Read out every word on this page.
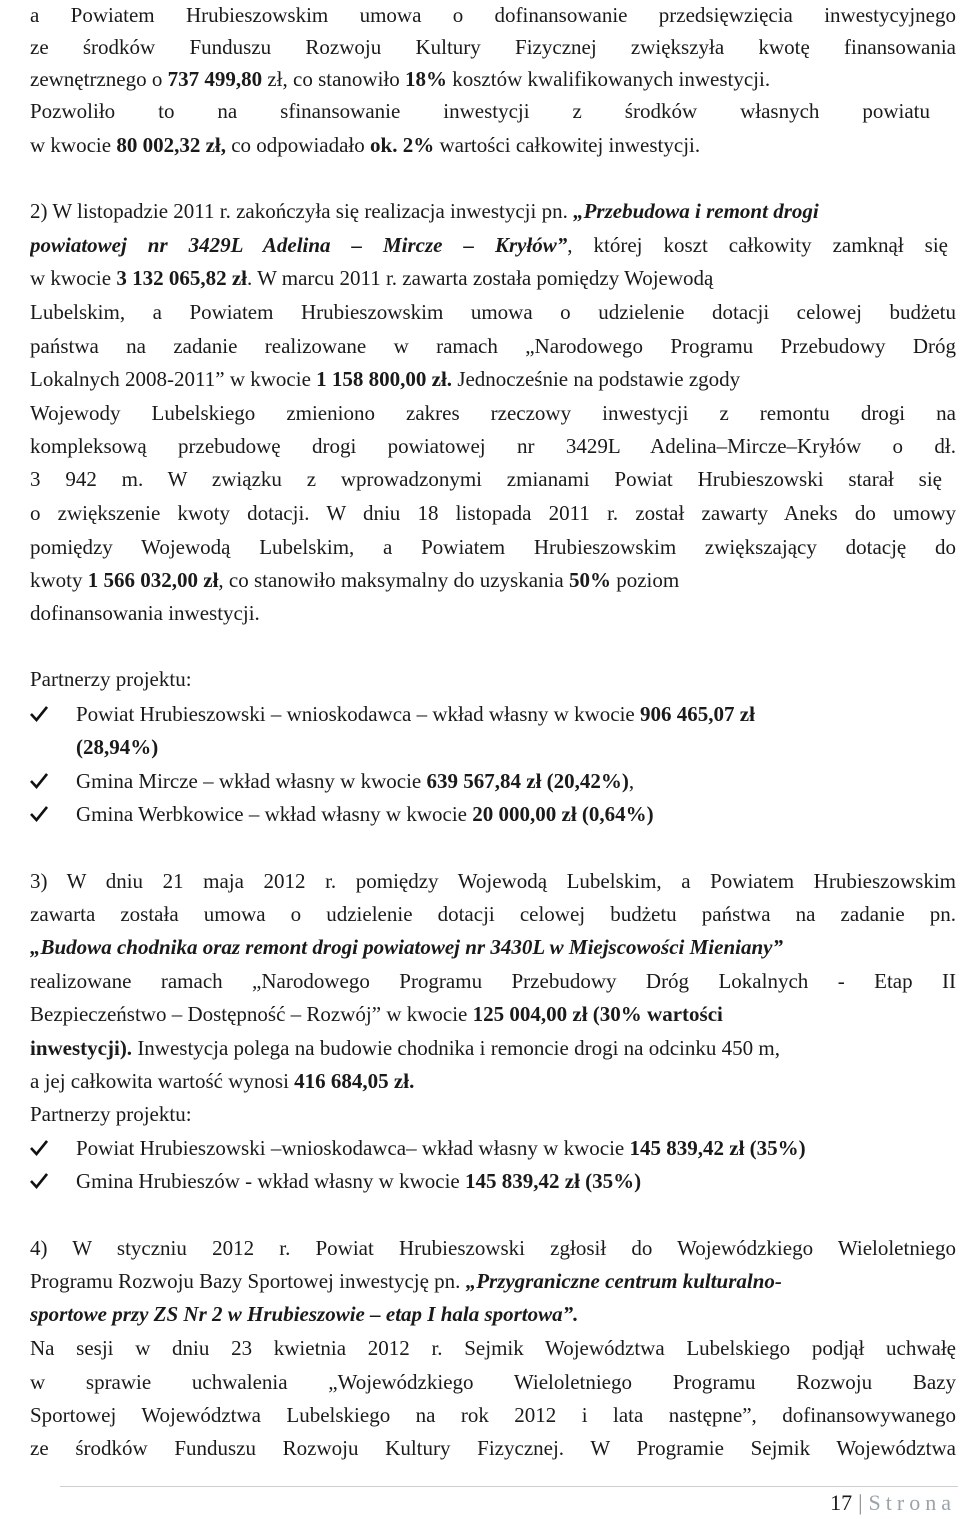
a Powiatem Hrubieszowskim umowa o dofinansowanie przedsięwzięcia inwestycyjnego
ze środków Funduszu Rozwoju Kultury Fizycznej zwiększyła kwotę finansowania
zewnętrznego o 737 499,80 zł, co stanowiło 18% kosztów kwalifikowanych inwestycji.
Pozwoliło to na sfinansowanie inwestycji z środków własnych powiatu
w kwocie 80 002,32 zł, co odpowiadało ok. 2% wartości całkowitej inwestycji.
2) W listopadzie 2011 r. zakończyła się realizacja inwestycji pn. „Przebudowa i remont drogi
powiatowej nr 3429L Adelina – Mircze – Kryłów”, której koszt całkowity zamknął się
w kwocie 3 132 065,82 zł. W marcu 2011 r. zawarta została pomiędzy Wojewodą
Lubelskim, a Powiatem Hrubieszowskim umowa o udzielenie dotacji celowej budżetu
państwa na zadanie realizowane w ramach „Narodowego Programu Przebudowy Dróg
Lokalnych 2008-2011” w kwocie 1 158 800,00 zł. Jednocześnie na podstawie zgody
Wojewody Lubelskiego zmieniono zakres rzeczowy inwestycji z remontu drogi na
kompleksową przebudowę drogi powiatowej nr 3429L Adelina–Mircze–Kryłów o dł.
3 942 m. W związku z wprowadzonymi zmianami Powiat Hrubieszowski starał się
o zwiększenie kwoty dotacji. W dniu 18 listopada 2011 r. został zawarty Aneks do umowy
pomiędzy Wojewodą Lubelskim, a Powiatem Hrubieszowskim zwiększający dotację do
kwoty 1 566 032,00 zł, co stanowiło maksymalny do uzyskania 50% poziom
dofinansowania inwestycji.
Partnerzy projektu:
Powiat Hrubieszowski – wnioskodawca – wkład własny w kwocie 906 465,07 zł
(28,94%)
Gmina Mircze – wkład własny w kwocie 639 567,84 zł (20,42%),
Gmina Werbkowice – wkład własny w kwocie 20 000,00 zł (0,64%)
3) W dniu 21 maja 2012 r. pomiędzy Wojewodą Lubelskim, a Powiatem Hrubieszowskim
zawarta została umowa o udzielenie dotacji celowej budżetu państwa na zadanie pn.
„Budowa chodnika oraz remont drogi powiatowej nr 3430L w Miejscowości Mieniany”
realizowane ramach „Narodowego Programu Przebudowy Dróg Lokalnych - Etap II
Bezpieczeństwo – Dostępność – Rozwój” w kwocie 125 004,00 zł (30% wartości
inwestycji). Inwestycja polega na budowie chodnika i remoncie drogi na odcinku 450 m,
a jej całkowita wartość wynosi 416 684,05 zł.
Partnerzy projektu:
Powiat Hrubieszowski –wnioskodawca– wkład własny w kwocie 145 839,42 zł (35%)
Gmina Hrubieszów - wkład własny w kwocie 145 839,42 zł (35%)
4) W styczniu 2012 r. Powiat Hrubieszowski zgłosił do Wojewódzkiego Wieloletniego
Programu Rozwoju Bazy Sportowej inwestycję pn. „Przygraniczne centrum kulturalno-
sportowe przy ZS Nr 2 w Hrubieszowie – etap I hala sportowa”.
Na sesji w dniu 23 kwietnia 2012 r. Sejmik Województwa Lubelskiego podjął uchwałę
w sprawie uchwalenia „Wojewódzkiego Wieloletniego Programu Rozwoju Bazy
Sportowej Województwa Lubelskiego na rok 2012 i lata następne”, dofinansowywanego
ze środków Funduszu Rozwoju Kultury Fizycznej. W Programie Sejmik Województwa
17 | Strona
